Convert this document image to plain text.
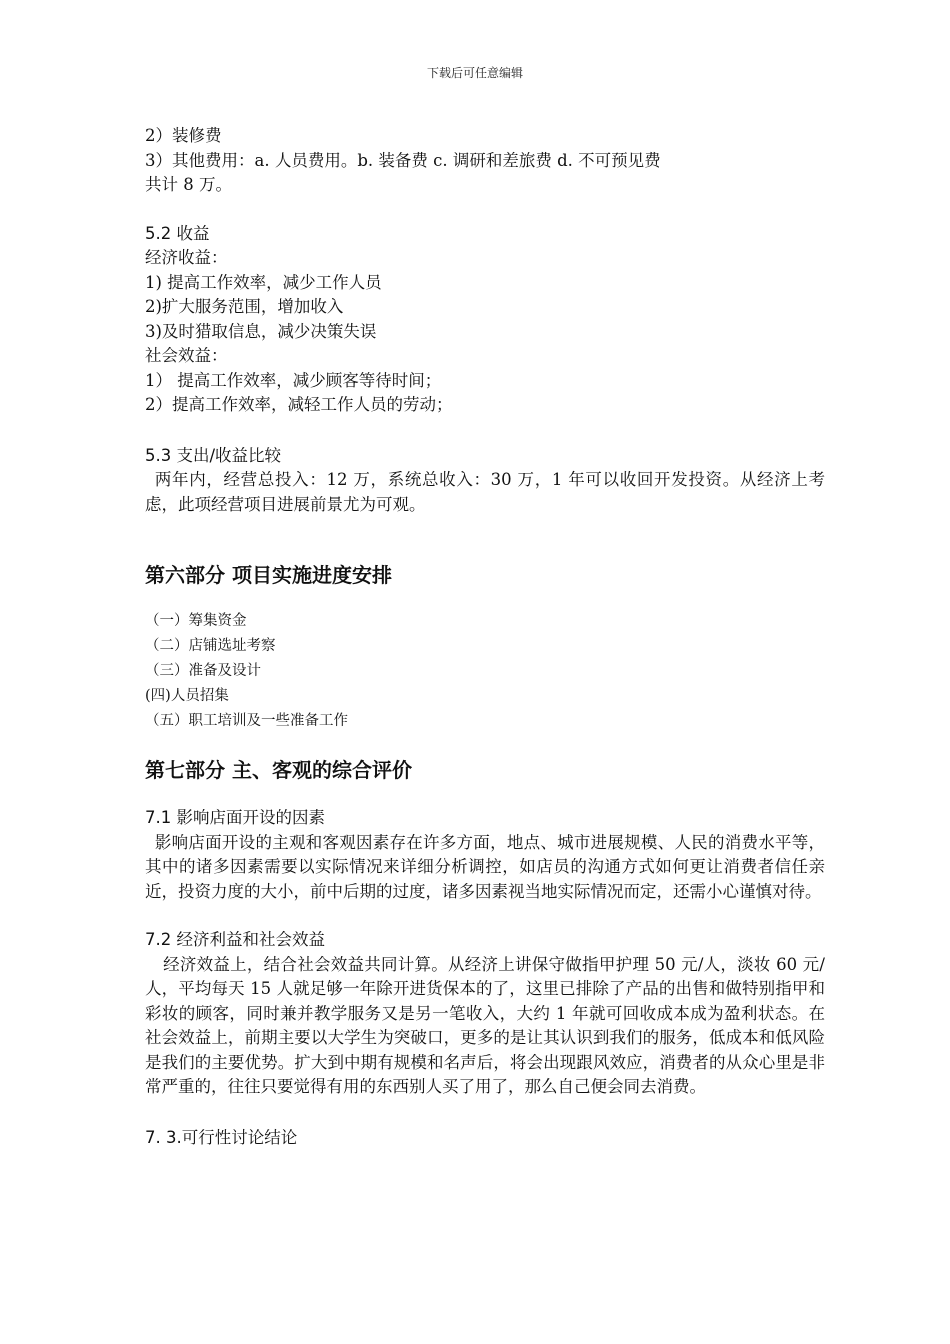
下载后可任意编辑
2）装修费
3）其他费用：a. 人员费用。b. 装备费 c. 调研和差旅费 d. 不可预见费
共计 8 万。
5.2 收益
经济收益：
1) 提高工作效率，减少工作人员
2)扩大服务范围，增加收入
3)及时猎取信息，减少决策失误
社会效益：
1） 提高工作效率，减少顾客等待时间；
2）提高工作效率，减轻工作人员的劳动；
5.3 支出/收益比较
两年内，经营总投入：12 万，系统总收入：30 万，1 年可以收回开发投资。从经济上考虑，此项经营项目进展前景尤为可观。
第六部分 项目实施进度安排
（一）筹集资金
（二）店铺选址考察
（三）准备及设计
(四)人员招集
（五）职工培训及一些准备工作
第七部分 主、客观的综合评价
7.1 影响店面开设的因素
影响店面开设的主观和客观因素存在许多方面，地点、城市进展规模、人民的消费水平等，其中的诸多因素需要以实际情况来详细分析调控，如店员的沟通方式如何更让消费者信任亲近，投资力度的大小，前中后期的过度，诸多因素视当地实际情况而定，还需小心谨慎对待。
7.2 经济利益和社会效益
经济效益上，结合社会效益共同计算。从经济上讲保守做指甲护理 50 元/人，淡妆 60 元/人，平均每天 15 人就足够一年除开进货保本的了，这里已排除了产品的出售和做特别指甲和彩妆的顾客，同时兼并教学服务又是另一笔收入，大约 1 年就可回收成本成为盈利状态。在社会效益上，前期主要以大学生为突破口，更多的是让其认识到我们的服务，低成本和低风险是我们的主要优势。扩大到中期有规模和名声后，将会出现跟风效应，消费者的从众心里是非常严重的，往往只要觉得有用的东西别人买了用了，那么自己便会同去消费。
7. 3.可行性讨论结论
